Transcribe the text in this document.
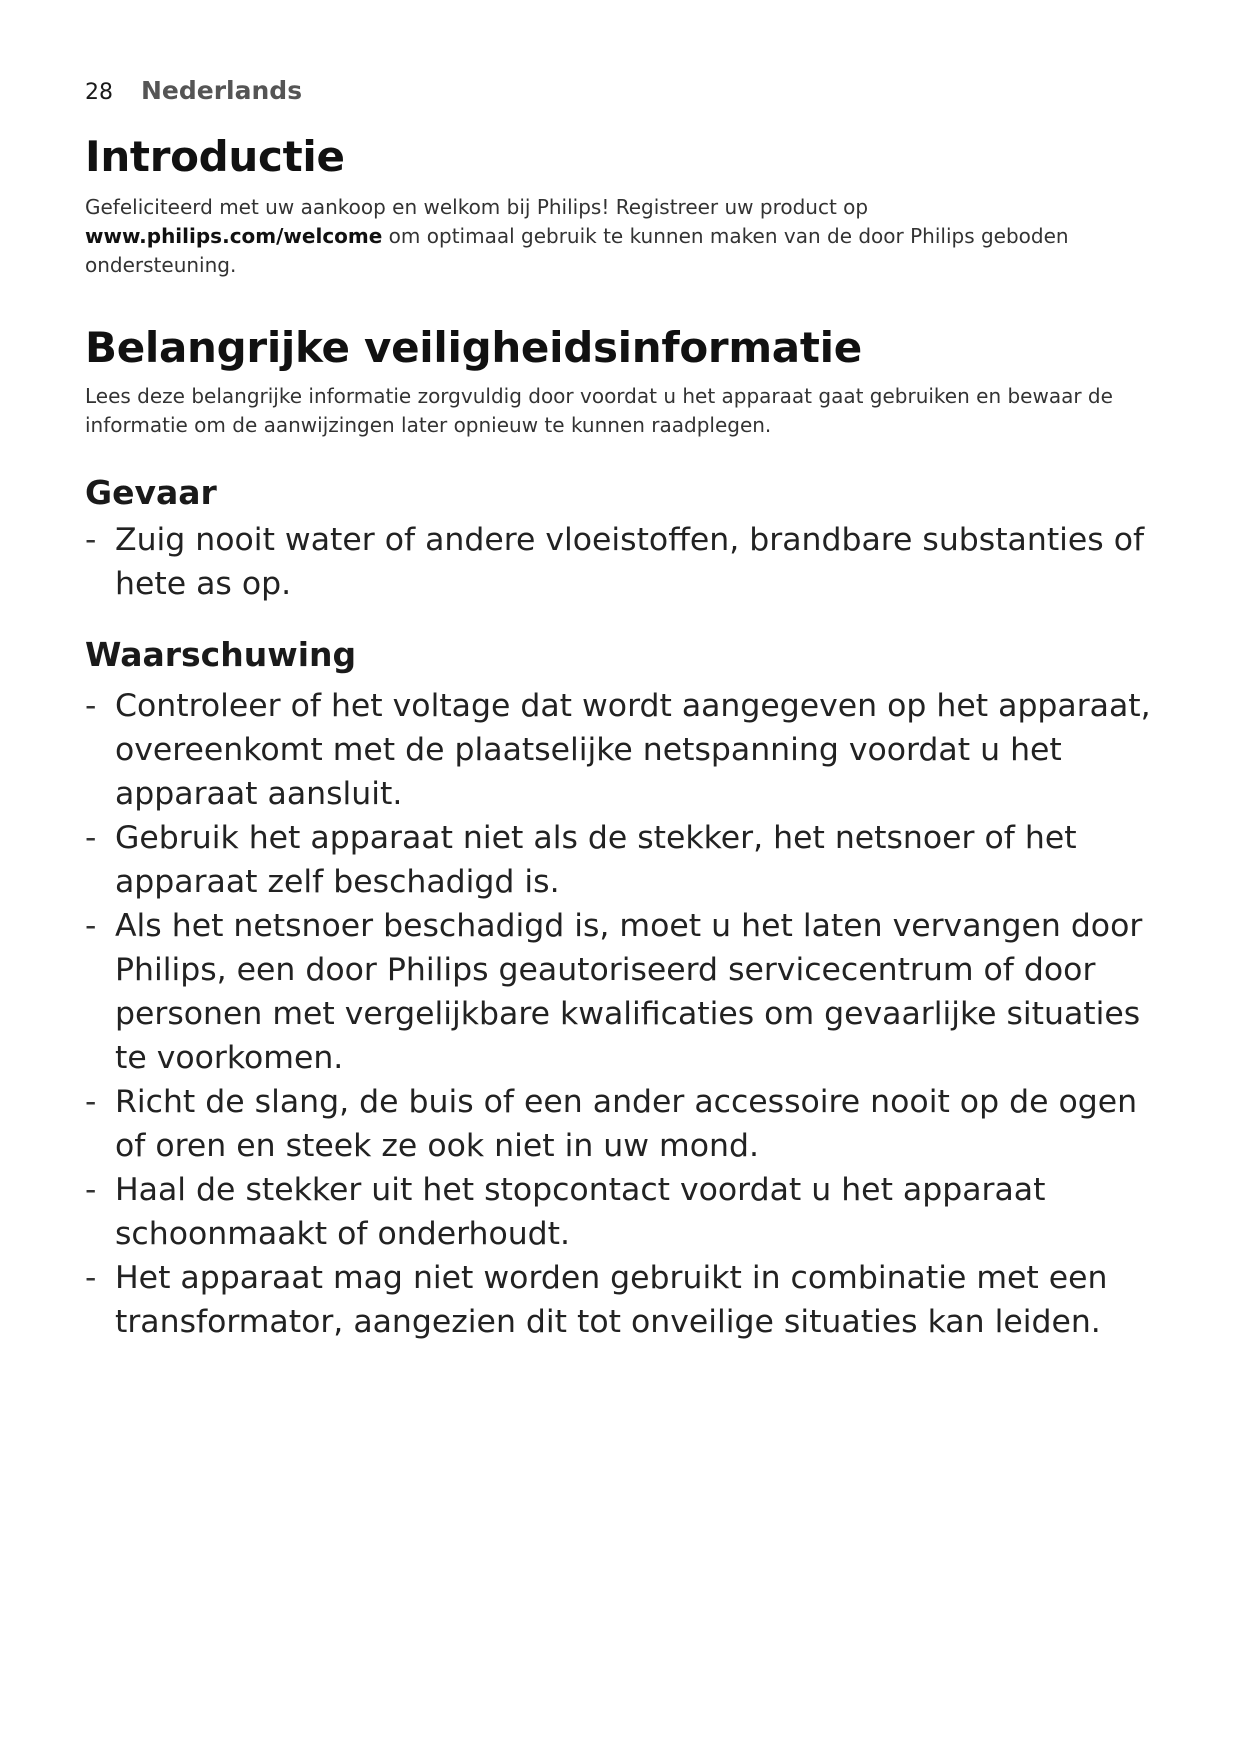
28 Nederlands
Introductie

Gefeliciteerd met uw aankoop en welkom bij Philips! Registreer uw product op www.philips.com/welcome om optimaal gebruik te kunnen maken van de door Philips geboden ondersteuning.

Belangrijke veiligheidsinformatie

Lees deze belangrijke informatie zorgvuldig door voordat u het apparaat gaat gebruiken en bewaar de informatie om de aanwijzingen later opnieuw te kunnen raadplegen.

Gevaar
- Zuig nooit water of andere vloeistoffen, brandbare substanties of hete as op.
Waarschuwing
- Controleer of het voltage dat wordt aangegeven op het apparaat, overeenkomt met de plaatselijke netspanning voordat u het apparaat aansluit.
- Gebruik het apparaat niet als de stekker, het netsnoer of het apparaat zelf beschadigd is.
- Als het netsnoer beschadigd is, moet u het laten vervangen door Philips, een door Philips geautoriseerd servicecentrum of door personen met vergelijkbare kwalificaties om gevaarlijke situaties te voorkomen.
- Richt de slang, de buis of een ander accessoire nooit op de ogen of oren en steek ze ook niet in uw mond.
- Haal de stekker uit het stopcontact voordat u het apparaat schoonmaakt of onderhoudt.
- Het apparaat mag niet worden gebruikt in combinatie met een transformator, aangezien dit tot onveilige situaties kan leiden.
